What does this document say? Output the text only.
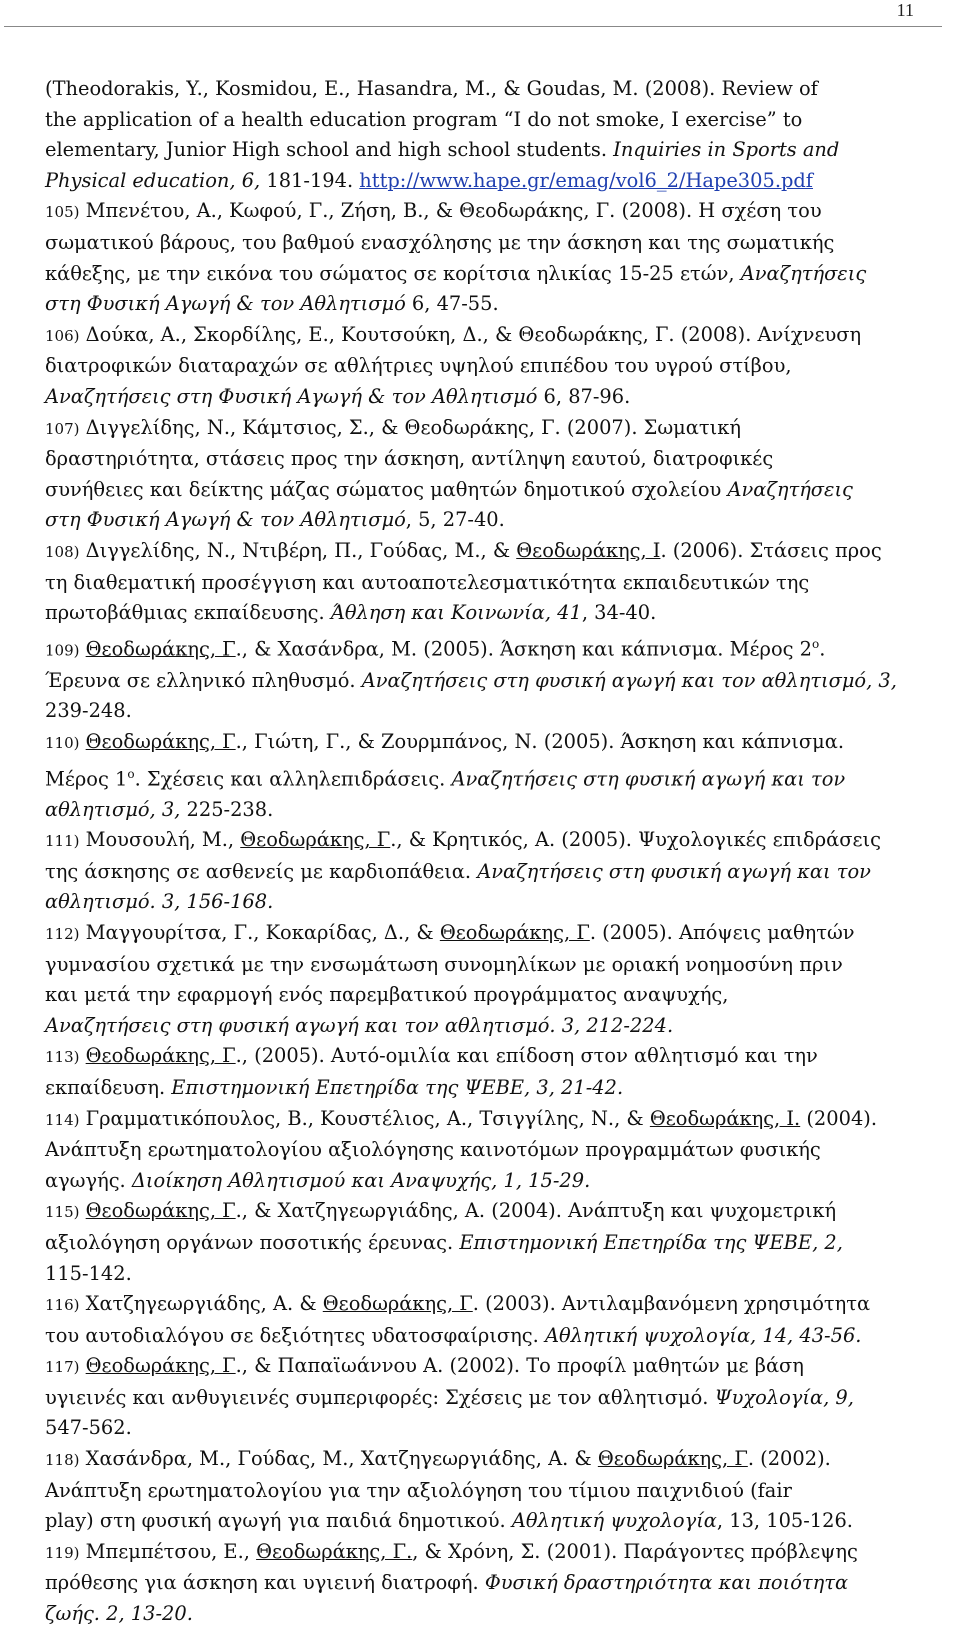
11

(Theodorakis, Y., Kosmidou, E., Hasandra, M., & Goudas, M. (2008). Review of
the application of a health education program “I do not smoke, I exercise” to
elementary, Junior High school and high school students. Inquiries in Sports and
Physical education, 6, 181-194. http://www.hape.gr/emag/vol6_2/Hape305.pdf

105) Μπενέτου, Α., Κωφού, Γ., Ζήση, Β., & Θεοδωράκης, Γ. (2008). Η σχέση του
σωματικού βάρους, του βαθμού ενασχόλησης με την άσκηση και της σωματικής
κάθεξης, με την εικόνα του σώματος σε κορίτσια ηλικίας 15-25 ετών, Αναζητήσεις
στη Φυσική Αγωγή & τον Αθλητισμό 6, 47-55.

106) Δούκα, Α., Σκορδίλης, Ε., Κουτσούκη, Δ., & Θεοδωράκης, Γ. (2008). Ανίχνευση
διατροφικών διαταραχών σε αθλήτριες υψηλού επιπέδου του υγρού στίβου,
Αναζητήσεις στη Φυσική Αγωγή & τον Αθλητισμό 6, 87-96.

107) Διγγελίδης, Ν., Κάμτσιος, Σ., & Θεοδωράκης, Γ. (2007). Σωματική
δραστηριότητα, στάσεις προς την άσκηση, αντίληψη εαυτού, διατροφικές
συνήθειες και δείκτης μάζας σώματος μαθητών δημοτικού σχολείου Αναζητήσεις
στη Φυσική Αγωγή & τον Αθλητισμό, 5, 27-40.

108) Διγγελίδης, Ν., Ντιβέρη, Π., Γούδας, Μ., & Θεοδωράκης, Ι. (2006). Στάσεις προς
τη διαθεματική προσέγγιση και αυτοαποτελεσματικότητα εκπαιδευτικών της
πρωτοβάθμιας εκπαίδευσης. Άθληση και Κοινωνία, 41, 34-40.

109) Θεοδωράκης, Γ., & Χασάνδρα, Μ. (2005). Άσκηση και κάπνισμα. Μέρος $2^o$.
Έρευνα σε ελληνικό πληθυσμό. Αναζητήσεις στη φυσική αγωγή και τον αθλητισμό, 3,
239-248.

110) Θεοδωράκης, Γ., Γιώτη, Γ., & Ζουρμπάνος, Ν. (2005). Άσκηση και κάπνισμα.
Μέρος $1^o$. Σχέσεις και αλληλεπιδράσεις. Αναζητήσεις στη φυσική αγωγή και τον
αθλητισμό, 3, 225-238.

111) Μουσουλή, Μ., Θεοδωράκης, Γ., & Κρητικός, Α. (2005). Ψυχολογικές επιδράσεις
της άσκησης σε ασθενείς με καρδιοπάθεια. Αναζητήσεις στη φυσική αγωγή και τον
αθλητισμό. 3, 156-168.

112) Μαγγουρίτσα, Γ., Κοκαρίδας, Δ., & Θεοδωράκης, Γ. (2005). Απόψεις μαθητών
γυμνασίου σχετικά με την ενσωμάτωση συνομηλίκων με οριακή νοημοσύνη πριν
και μετά την εφαρμογή ενός παρεμβατικού προγράμματος αναψυχής,
Αναζητήσεις στη φυσική αγωγή και τον αθλητισμό. 3, 212-224.

113) Θεοδωράκης, Γ., (2005). Αυτό-ομιλία και επίδοση στον αθλητισμό και την
εκπαίδευση. Επιστημονική Επετηρίδα της ΨΕΒΕ, 3, 21-42.

114) Γραμματικόπουλος, Β., Κουστέλιος, Α., Τσιγγίλης, Ν., & Θεοδωράκης, Ι. (2004).
Ανάπτυξη ερωτηματολογίου αξιολόγησης καινοτόμων προγραμμάτων φυσικής
αγωγής. Διοίκηση Αθλητισμού και Αναψυχής, 1, 15-29.

115) Θεοδωράκης, Γ., & Χατζηγεωργιάδης, Α. (2004). Ανάπτυξη και ψυχομετρική
αξιολόγηση οργάνων ποσοτικής έρευνας. Επιστημονική Επετηρίδα της ΨΕΒΕ, 2,
115-142.

116) Χατζηγεωργιάδης, Α. & Θεοδωράκης, Γ. (2003). Αντιλαμβανόμενη χρησιμότητα
του αυτοδιαλόγου σε δεξιότητες υδατοσφαίρισης. Αθλητική ψυχολογία, 14, 43-56.

117) Θεοδωράκης, Γ., & Παπαϊωάννου Α. (2002). Το προφίλ μαθητών με βάση
υγιεινές και ανθυγιεινές συμπεριφορές: Σχέσεις με τον αθλητισμό. Ψυχολογία, 9,
547-562.

118) Χασάνδρα, Μ., Γούδας, Μ., Χατζηγεωργιάδης, Α. & Θεοδωράκης, Γ. (2002).
Ανάπτυξη ερωτηματολογίου για την αξιολόγηση του τίμιου παιχνιδιού (fair
play) στη φυσική αγωγή για παιδιά δημοτικού. Αθλητική ψυχολογία, 13, 105-126.

119) Μπεμπέτσου, Ε., Θεοδωράκης, Γ., & Χρόνη, Σ. (2001). Παράγοντες πρόβλεψης
πρόθεσης για άσκηση και υγιεινή διατροφή. Φυσική δραστηριότητα και ποιότητα
ζωής. 2, 13-20.
